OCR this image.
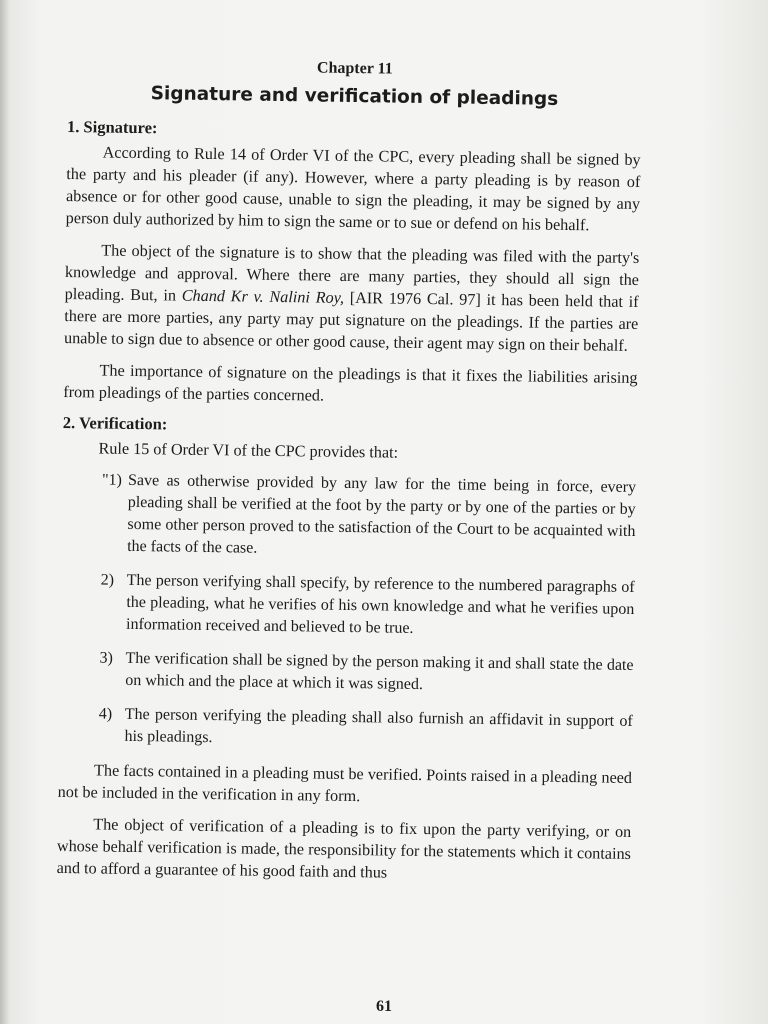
Chapter 11
Signature and verification of pleadings
1. Signature:

According to Rule 14 of Order VI of the CPC, every pleading shall be signed by the party and his pleader (if any). However, where a party pleading is by reason of absence or for other good cause, unable to sign the pleading, it may be signed by any person duly authorized by him to sign the same or to sue or defend on his behalf.

The object of the signature is to show that the pleading was filed with the party's knowledge and approval. Where there are many parties, they should all sign the pleading. But, in Chand Kr v. Nalini Roy, [AIR 1976 Cal. 97] it has been held that if there are more parties, any party may put signature on the pleadings. If the parties are unable to sign due to absence or other good cause, their agent may sign on their behalf.

The importance of signature on the pleadings is that it fixes the liabilities arising from pleadings of the parties concerned.

2. Verification:

Rule 15 of Order VI of the CPC provides that:

"1) Save as otherwise provided by any law for the time being in force, every pleading shall be verified at the foot by the party or by one of the parties or by some other person proved to the satisfaction of the Court to be acquainted with the facts of the case.
2) The person verifying shall specify, by reference to the numbered paragraphs of the pleading, what he verifies of his own knowledge and what he verifies upon information received and believed to be true.
3) The verification shall be signed by the person making it and shall state the date on which and the place at which it was signed.
4) The person verifying the pleading shall also furnish an affidavit in support of his pleadings.

The facts contained in a pleading must be verified. Points raised in a pleading need not be included in the verification in any form.

The object of verification of a pleading is to fix upon the party verifying, or on whose behalf verification is made, the responsibility for the statements which it contains and to afford a guarantee of his good faith and thus

61
